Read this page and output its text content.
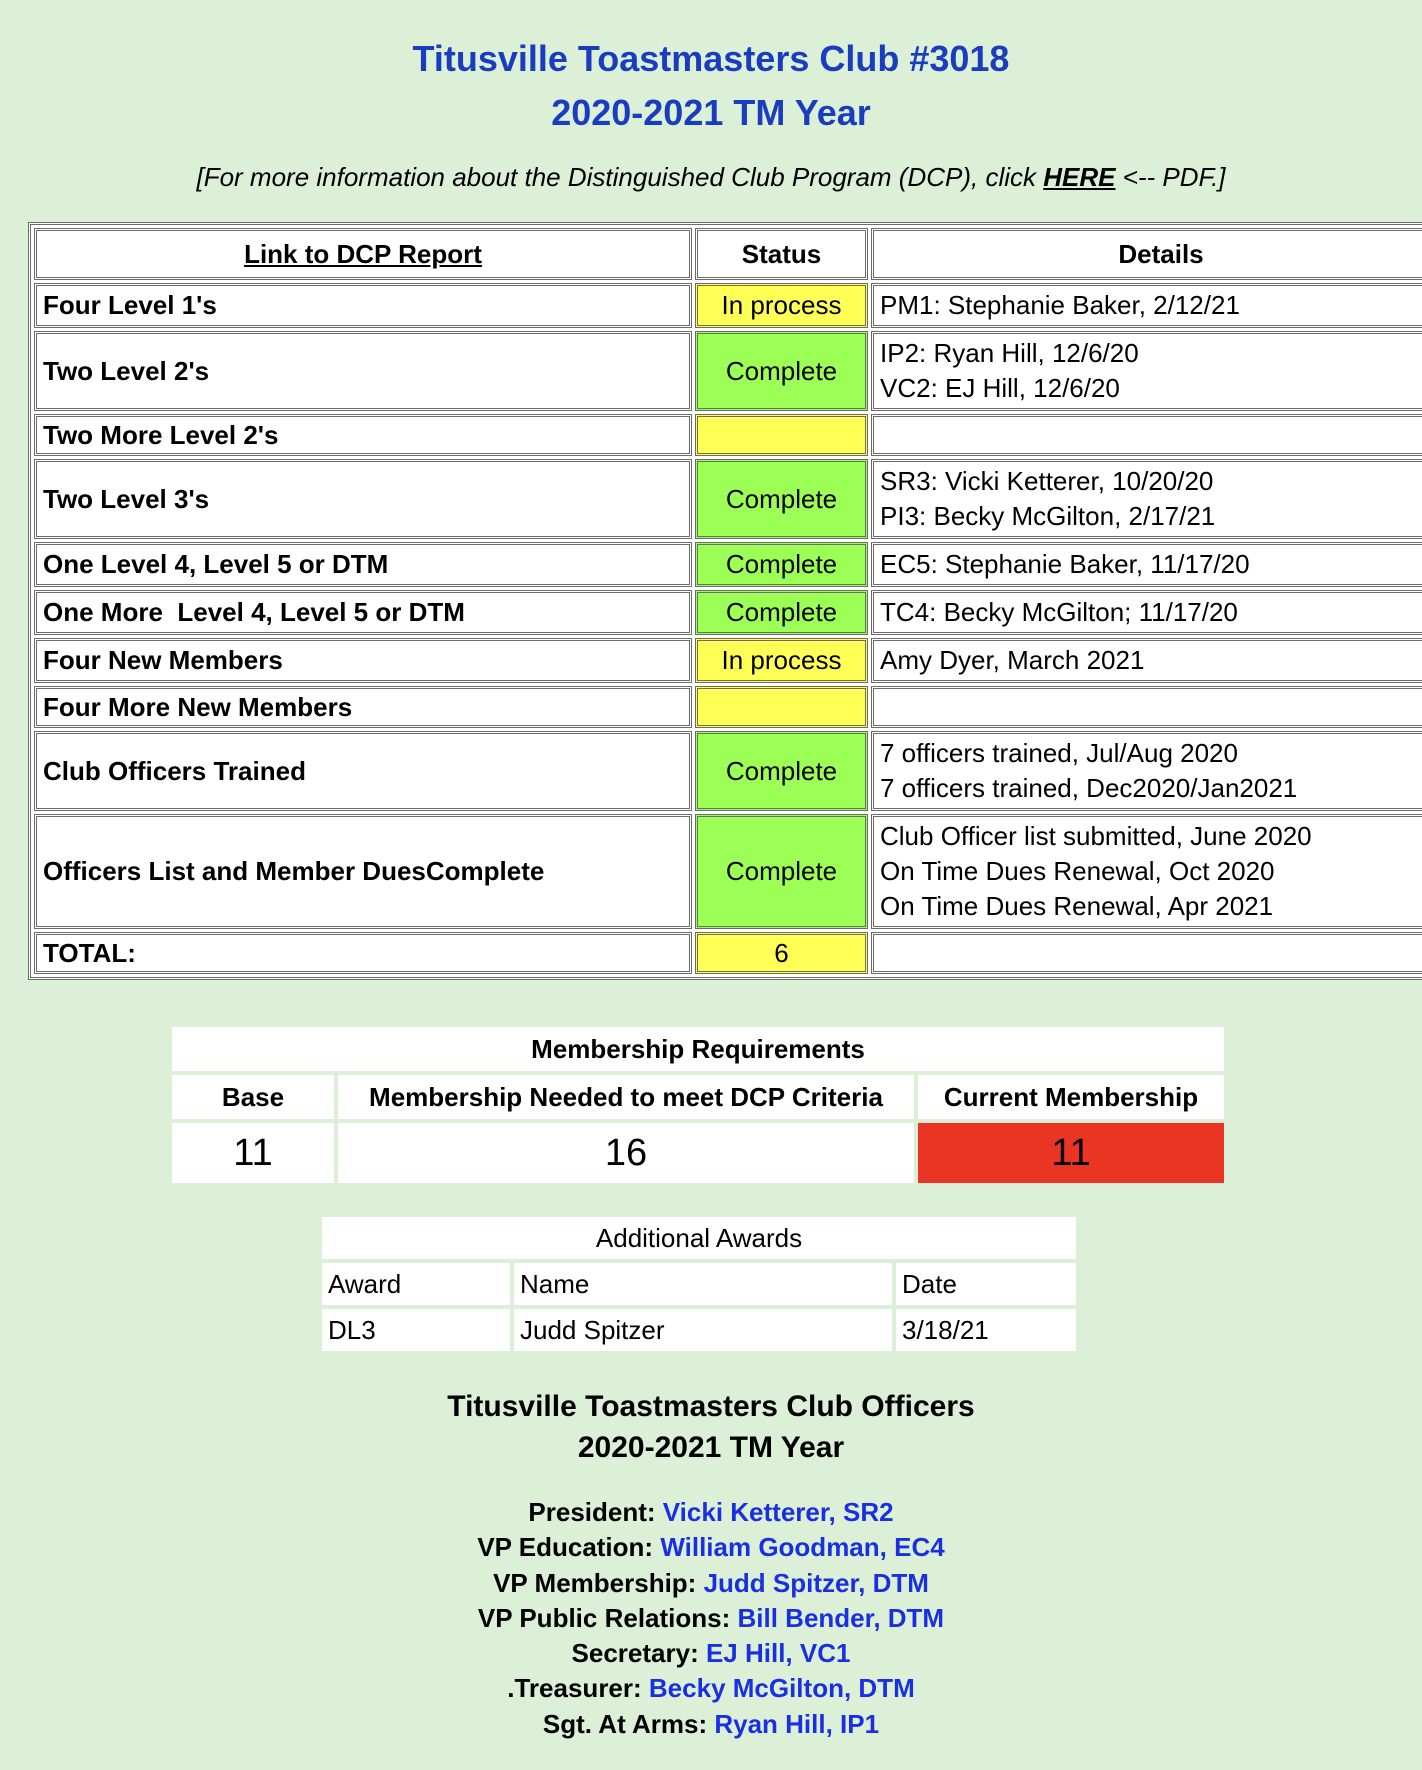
Titusville Toastmasters Club #3018
2020-2021 TM Year
[For more information about the Distinguished Club Program (DCP), click HERE <-- PDF.]
Link to DCP Report	Status	Details
Four Level 1's	In process	PM1: Stephanie Baker, 2/12/21

Two Level 2's	Complete	IP2: Ryan Hill, 12/6/20
VC2: EJ Hill, 12/6/20

Two More Level 2's		
Two Level 3's	Complete	SR3: Vicki Ketterer, 10/20/20
PI3: Becky McGilton, 2/17/21

One Level 4, Level 5 or DTM	Complete	EC5: Stephanie Baker, 11/17/20

One More  Level 4, Level 5 or DTM	Complete	TC4: Becky McGilton; 11/17/20

Four New Members	In process	Amy Dyer, March 2021

Four More New Members		
Club Officers Trained	Complete	7 officers trained, Jul/Aug 2020
7 officers trained, Dec2020/Jan2021

Officers List and Member DuesComplete	Complete	Club Officer list submitted, June 2020
On Time Dues Renewal, Oct 2020
On Time Dues Renewal, Apr 2021

TOTAL:	6	
Membership Requirements		
Base	Membership Needed to meet DCP Criteria	Current Membership
11	16	11
Additional Awards		
Award	Name	Date
DL3	Judd Spitzer	3/18/21
Titusville Toastmasters Club Officers
2020-2021 TM Year
President: Vicki Ketterer, SR2
VP Education: William Goodman, EC4
VP Membership: Judd Spitzer, DTM
VP Public Relations: Bill Bender, DTM
Secretary: EJ Hill, VC1
.Treasurer: Becky McGilton, DTM
Sgt. At Arms: Ryan Hill, IP1
